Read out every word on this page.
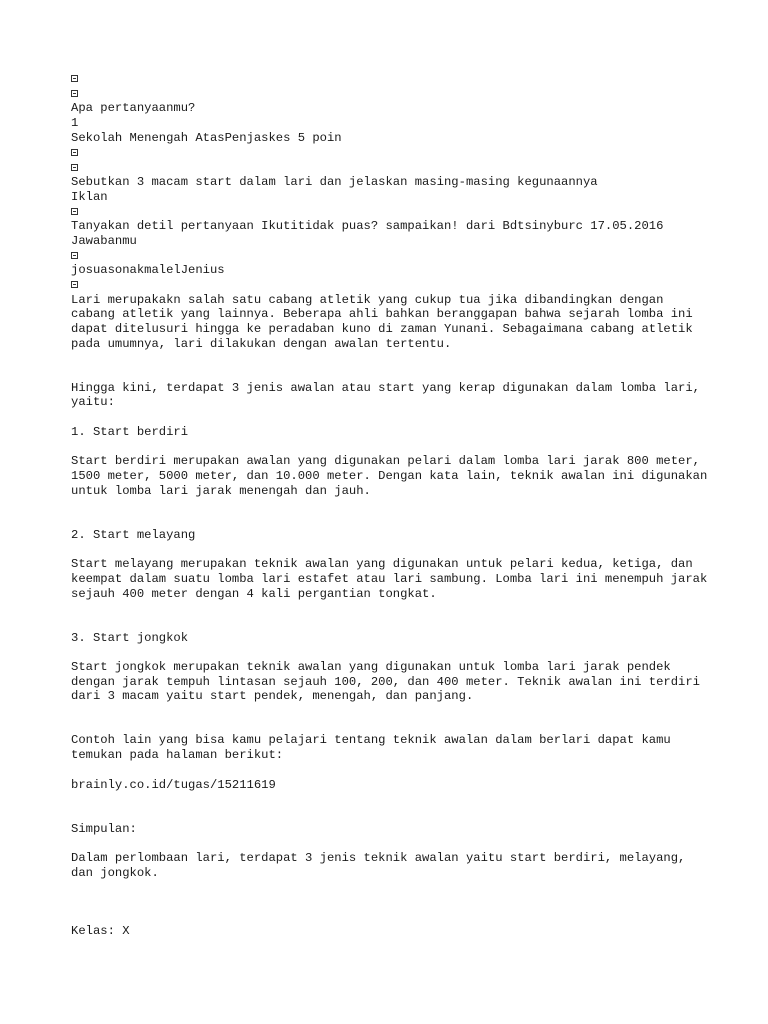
Apa pertanyaanmu?
1
Sekolah Menengah AtasPenjaskes 5 poin
Sebutkan 3 macam start dalam lari dan jelaskan masing-masing kegunaannya
Iklan
Tanyakan detil pertanyaan Ikutitidak puas? sampaikan! dari Bdtsinyburc 17.05.2016
Jawabanmu
josuasonakmalelJenius

Lari merupakakn salah satu cabang atletik yang cukup tua jika dibandingkan dengan cabang atletik yang lainnya. Beberapa ahli bahkan beranggapan bahwa sejarah lomba ini dapat ditelusuri hingga ke peradaban kuno di zaman Yunani. Sebagaimana cabang atletik pada umumnya, lari dilakukan dengan awalan tertentu.

Hingga kini, terdapat 3 jenis awalan atau start yang kerap digunakan dalam lomba lari, yaitu:

1. Start berdiri

Start berdiri merupakan awalan yang digunakan pelari dalam lomba lari jarak 800 meter, 1500 meter, 5000 meter, dan 10.000 meter. Dengan kata lain, teknik awalan ini digunakan untuk lomba lari jarak menengah dan jauh.

2. Start melayang

Start melayang merupakan teknik awalan yang digunakan untuk pelari kedua, ketiga, dan keempat dalam suatu lomba lari estafet atau lari sambung. Lomba lari ini menempuh jarak sejauh 400 meter dengan 4 kali pergantian tongkat.

3. Start jongkok

Start jongkok merupakan teknik awalan yang digunakan untuk lomba lari jarak pendek dengan jarak tempuh lintasan sejauh 100, 200, dan 400 meter. Teknik awalan ini terdiri dari 3 macam yaitu start pendek, menengah, dan panjang.

Contoh lain yang bisa kamu pelajari tentang teknik awalan dalam berlari dapat kamu temukan pada halaman berikut:

brainly.co.id/tugas/15211619

Simpulan:

Dalam perlombaan lari, terdapat 3 jenis teknik awalan yaitu start berdiri, melayang, dan jongkok.

Kelas: X
